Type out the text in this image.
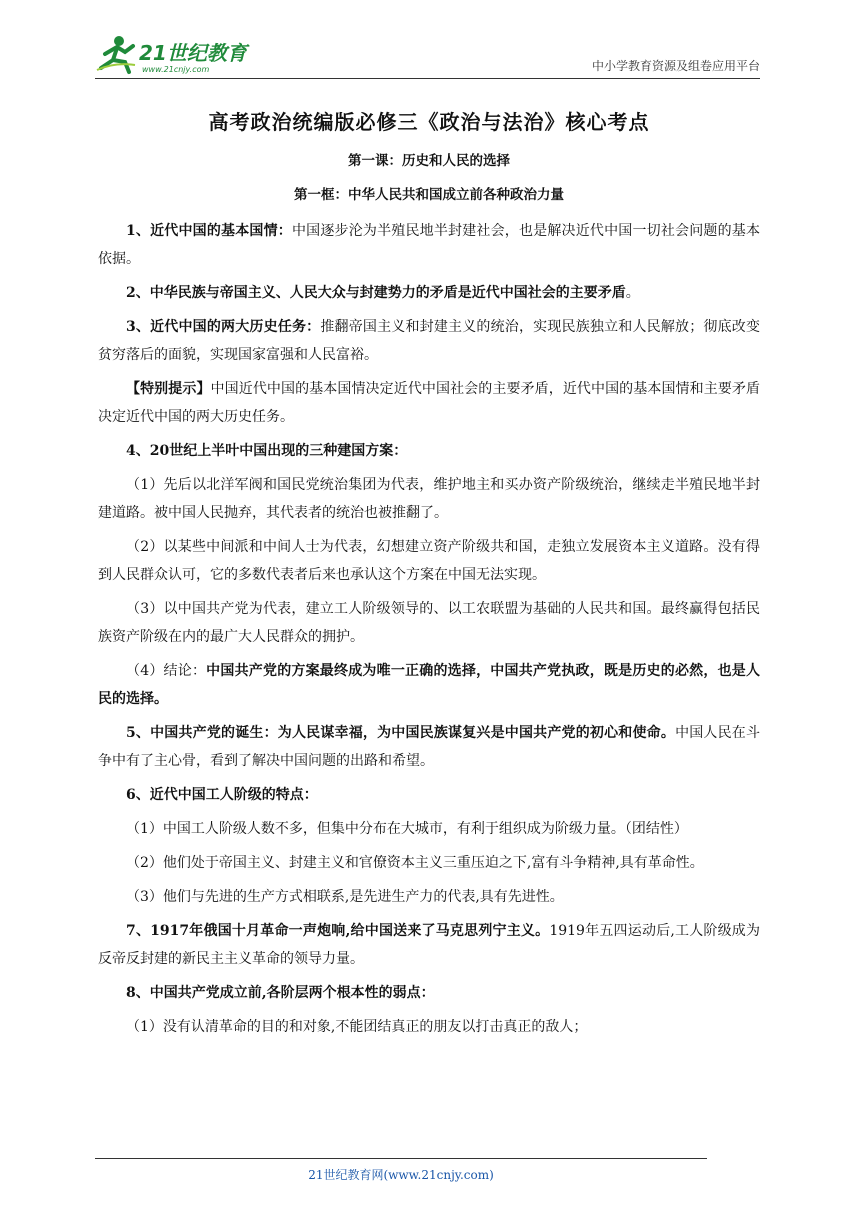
21世纪教育
www.21cnjy.com	中小学教育资源及组卷应用平台
高考政治统编版必修三《政治与法治》核心考点
第一课：历史和人民的选择
第一框：中华人民共和国成立前各种政治力量
1、近代中国的基本国情：中国逐步沦为半殖民地半封建社会，也是解决近代中国一切社会问题的基本依据。
2、中华民族与帝国主义、人民大众与封建势力的矛盾是近代中国社会的主要矛盾。
3、近代中国的两大历史任务：推翻帝国主义和封建主义的统治，实现民族独立和人民解放；彻底改变贫穷落后的面貌，实现国家富强和人民富裕。
【特别提示】中国近代中国的基本国情决定近代中国社会的主要矛盾，近代中国的基本国情和主要矛盾决定近代中国的两大历史任务。
4、20世纪上半叶中国出现的三种建国方案：
（1）先后以北洋军阀和国民党统治集团为代表，维护地主和买办资产阶级统治，继续走半殖民地半封建道路。被中国人民抛弃，其代表者的统治也被推翻了。
（2）以某些中间派和中间人士为代表，幻想建立资产阶级共和国，走独立发展资本主义道路。没有得到人民群众认可，它的多数代表者后来也承认这个方案在中国无法实现。
（3）以中国共产党为代表，建立工人阶级领导的、以工农联盟为基础的人民共和国。最终赢得包括民族资产阶级在内的最广大人民群众的拥护。
（4）结论：中国共产党的方案最终成为唯一正确的选择，中国共产党执政，既是历史的必然，也是人民的选择。
5、中国共产党的诞生：为人民谋幸福，为中国民族谋复兴是中国共产党的初心和使命。中国人民在斗争中有了主心骨，看到了解决中国问题的出路和希望。
6、近代中国工人阶级的特点：
（1）中国工人阶级人数不多，但集中分布在大城市，有利于组织成为阶级力量。（团结性）
（2）他们处于帝国主义、封建主义和官僚资本主义三重压迫之下,富有斗争精神,具有革命性。
（3）他们与先进的生产方式相联系,是先进生产力的代表,具有先进性。
7、1917年俄国十月革命一声炮响,给中国送来了马克思列宁主义。1919年五四运动后,工人阶级成为反帝反封建的新民主主义革命的领导力量。
8、中国共产党成立前,各阶层两个根本性的弱点：
（1）没有认清革命的目的和对象,不能团结真正的朋友以打击真正的敌人；
21世纪教育网(www.21cnjy.com)
